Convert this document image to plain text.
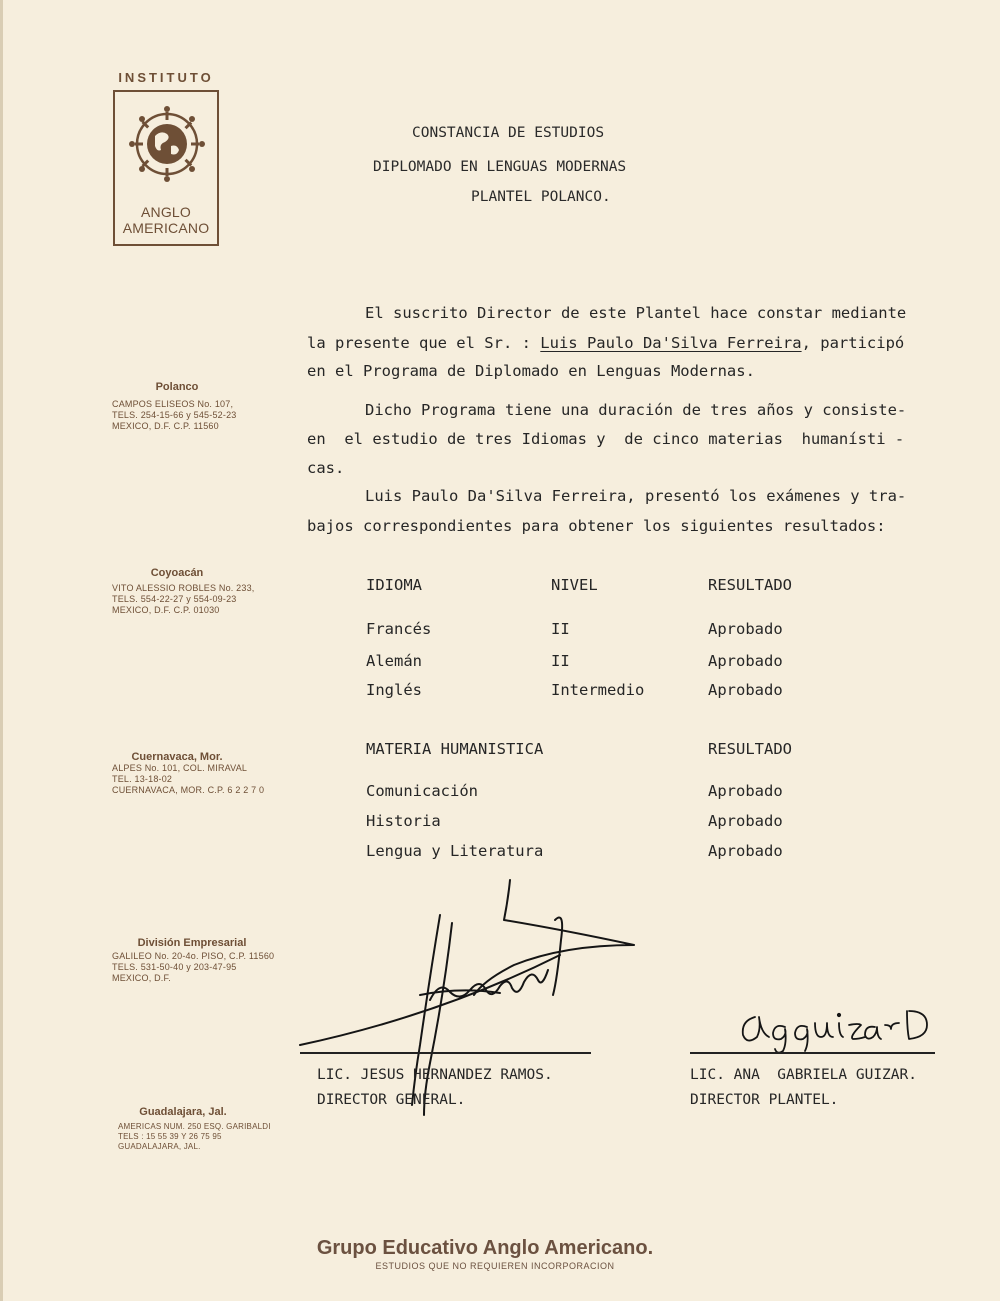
INSTITUTO
ANGLO
AMERICANO
CONSTANCIA DE ESTUDIOS
DIPLOMADO EN LENGUAS MODERNAS
PLANTEL POLANCO.
El suscrito Director de este Plantel hace constar mediante
la presente que el Sr. : Luis Paulo Da'Silva Ferreira, participó
en el Programa de Diplomado en Lenguas Modernas.
Dicho Programa tiene una duración de tres años y consiste-
en  el estudio de tres Idiomas y  de cinco materias  humanísti -
cas.
Luis Paulo Da'Silva Ferreira, presentó los exámenes y tra-
bajos correspondientes para obtener los siguientes resultados:
IDIOMA	NIVEL	RESULTADO
Francés	II	Aprobado
Alemán	II	Aprobado
Inglés	Intermedio	Aprobado
MATERIA HUMANISTICA	RESULTADO
Comunicación	Aprobado
Historia	Aprobado
Lengua y Literatura	Aprobado
Polanco
CAMPOS ELISEOS No. 107,
TELS. 254-15-66 y 545-52-23
MEXICO, D.F. C.P. 11560
Coyoacán
VITO ALESSIO ROBLES No. 233,
TELS. 554-22-27 y 554-09-23
MEXICO, D.F. C.P. 01030
Cuernavaca, Mor.
ALPES No. 101, COL. MIRAVAL
TEL. 13-18-02
CUERNAVACA, MOR. C.P. 6 2 2 7 0
División Empresarial
GALILEO No. 20-4o. PISO, C.P. 11560
TELS. 531-50-40 y 203-47-95
MEXICO, D.F.
Guadalajara, Jal.
AMERICAS NUM. 250 ESQ. GARIBALDI
TELS : 15 55 39 Y 26 75 95
GUADALAJARA, JAL.
LIC. JESUS HERNANDEZ RAMOS.
DIRECTOR GENERAL.
LIC. ANA  GABRIELA GUIZAR.
DIRECTOR PLANTEL.
Grupo Educativo Anglo Americano.
ESTUDIOS QUE NO REQUIEREN INCORPORACION
